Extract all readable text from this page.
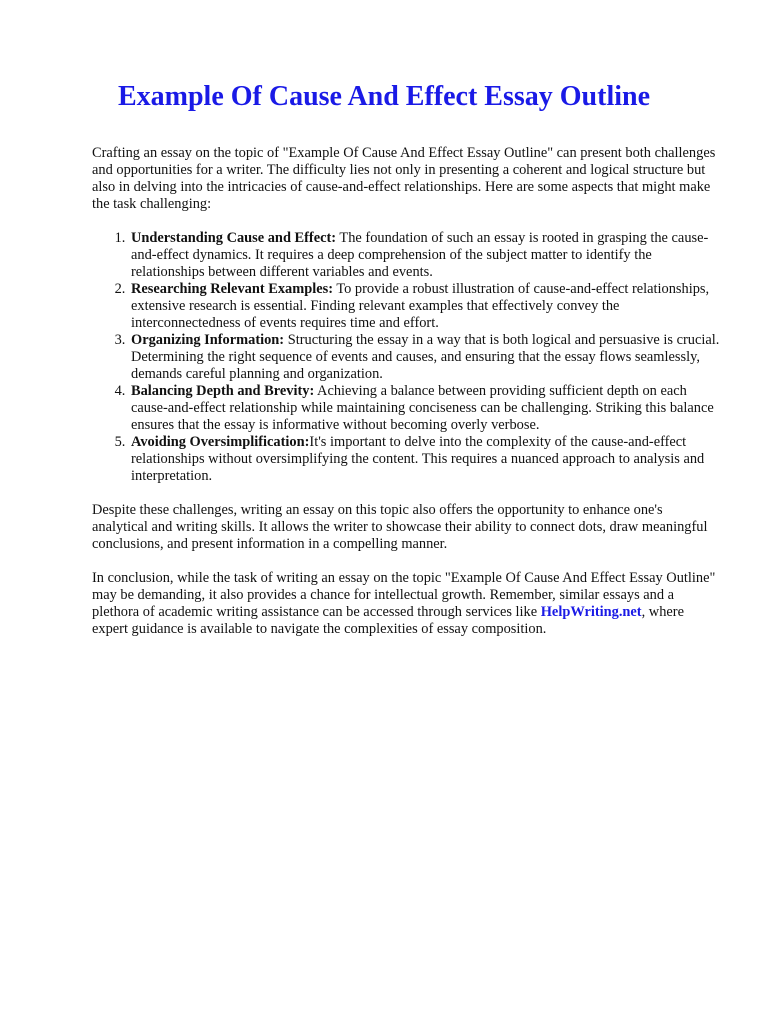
Example Of Cause And Effect Essay Outline

Crafting an essay on the topic of "Example Of Cause And Effect Essay Outline" can present both challenges and opportunities for a writer. The difficulty lies not only in presenting a coherent and logical structure but also in delving into the intricacies of cause-and-effect relationships. Here are some aspects that might make the task challenging:

1. Understanding Cause and Effect: The foundation of such an essay is rooted in grasping the cause-and-effect dynamics. It requires a deep comprehension of the subject matter to identify the relationships between different variables and events.
2. Researching Relevant Examples: To provide a robust illustration of cause-and-effect relationships, extensive research is essential. Finding relevant examples that effectively convey the interconnectedness of events requires time and effort.
3. Organizing Information: Structuring the essay in a way that is both logical and persuasive is crucial. Determining the right sequence of events and causes, and ensuring that the essay flows seamlessly, demands careful planning and organization.
4. Balancing Depth and Brevity: Achieving a balance between providing sufficient depth on each cause-and-effect relationship while maintaining conciseness can be challenging. Striking this balance ensures that the essay is informative without becoming overly verbose.
5. Avoiding Oversimplification:It's important to delve into the complexity of the cause-and-effect relationships without oversimplifying the content. This requires a nuanced approach to analysis and interpretation.

Despite these challenges, writing an essay on this topic also offers the opportunity to enhance one's analytical and writing skills. It allows the writer to showcase their ability to connect dots, draw meaningful conclusions, and present information in a compelling manner.

In conclusion, while the task of writing an essay on the topic "Example Of Cause And Effect Essay Outline" may be demanding, it also provides a chance for intellectual growth. Remember, similar essays and a plethora of academic writing assistance can be accessed through services like HelpWriting.net, where expert guidance is available to navigate the complexities of essay composition.
